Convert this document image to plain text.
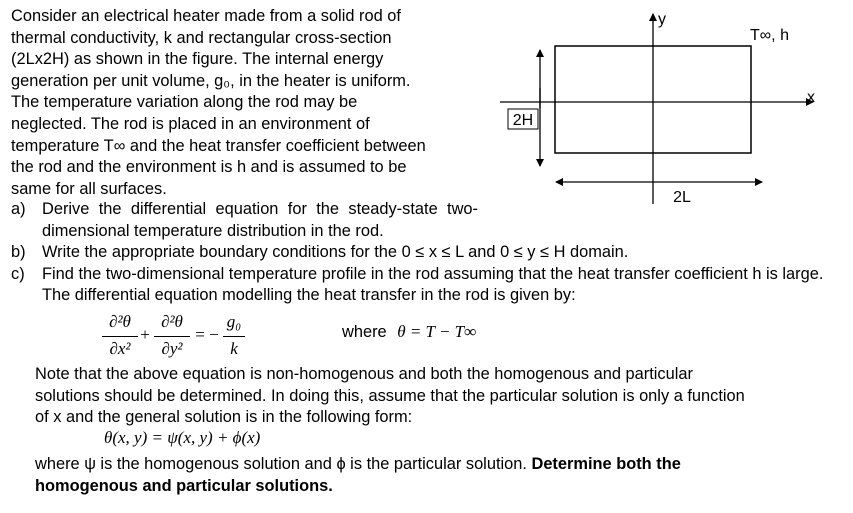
Consider an electrical heater made from a solid rod of
thermal conductivity, k and rectangular cross-section
(2Lx2H) as shown in the figure. The internal energy
generation per unit volume, g₀, in the heater is uniform.
The temperature variation along the rod may be
neglected. The rod is placed in an environment of
temperature T∞ and the heat transfer coefficient between
the rod and the environment is h and is assumed to be
same for all surfaces.
2H
2L
y
x
T∞, h
a) Derive the differential equation for the steady-state two-dimensional temperature distribution in the rod.
b) Write the appropriate boundary conditions for the 0 ≤ x ≤ L and 0 ≤ y ≤ H domain.
c) Find the two-dimensional temperature profile in the rod assuming that the heat transfer coefficient h is large. The differential equation modelling the heat transfer in the rod is given by:
∂²θ
∂x²
+
∂²θ
∂y²
= −
g₀
k
where θ = T − T∞
Note that the above equation is non-homogenous and both the homogenous and particular
solutions should be determined. In doing this, assume that the particular solution is only a function
of x and the general solution is in the following form:
θ(x, y) = ψ(x, y) + ϕ(x)
where ψ is the homogenous solution and ϕ is the particular solution. Determine both the
homogenous and particular solutions.
